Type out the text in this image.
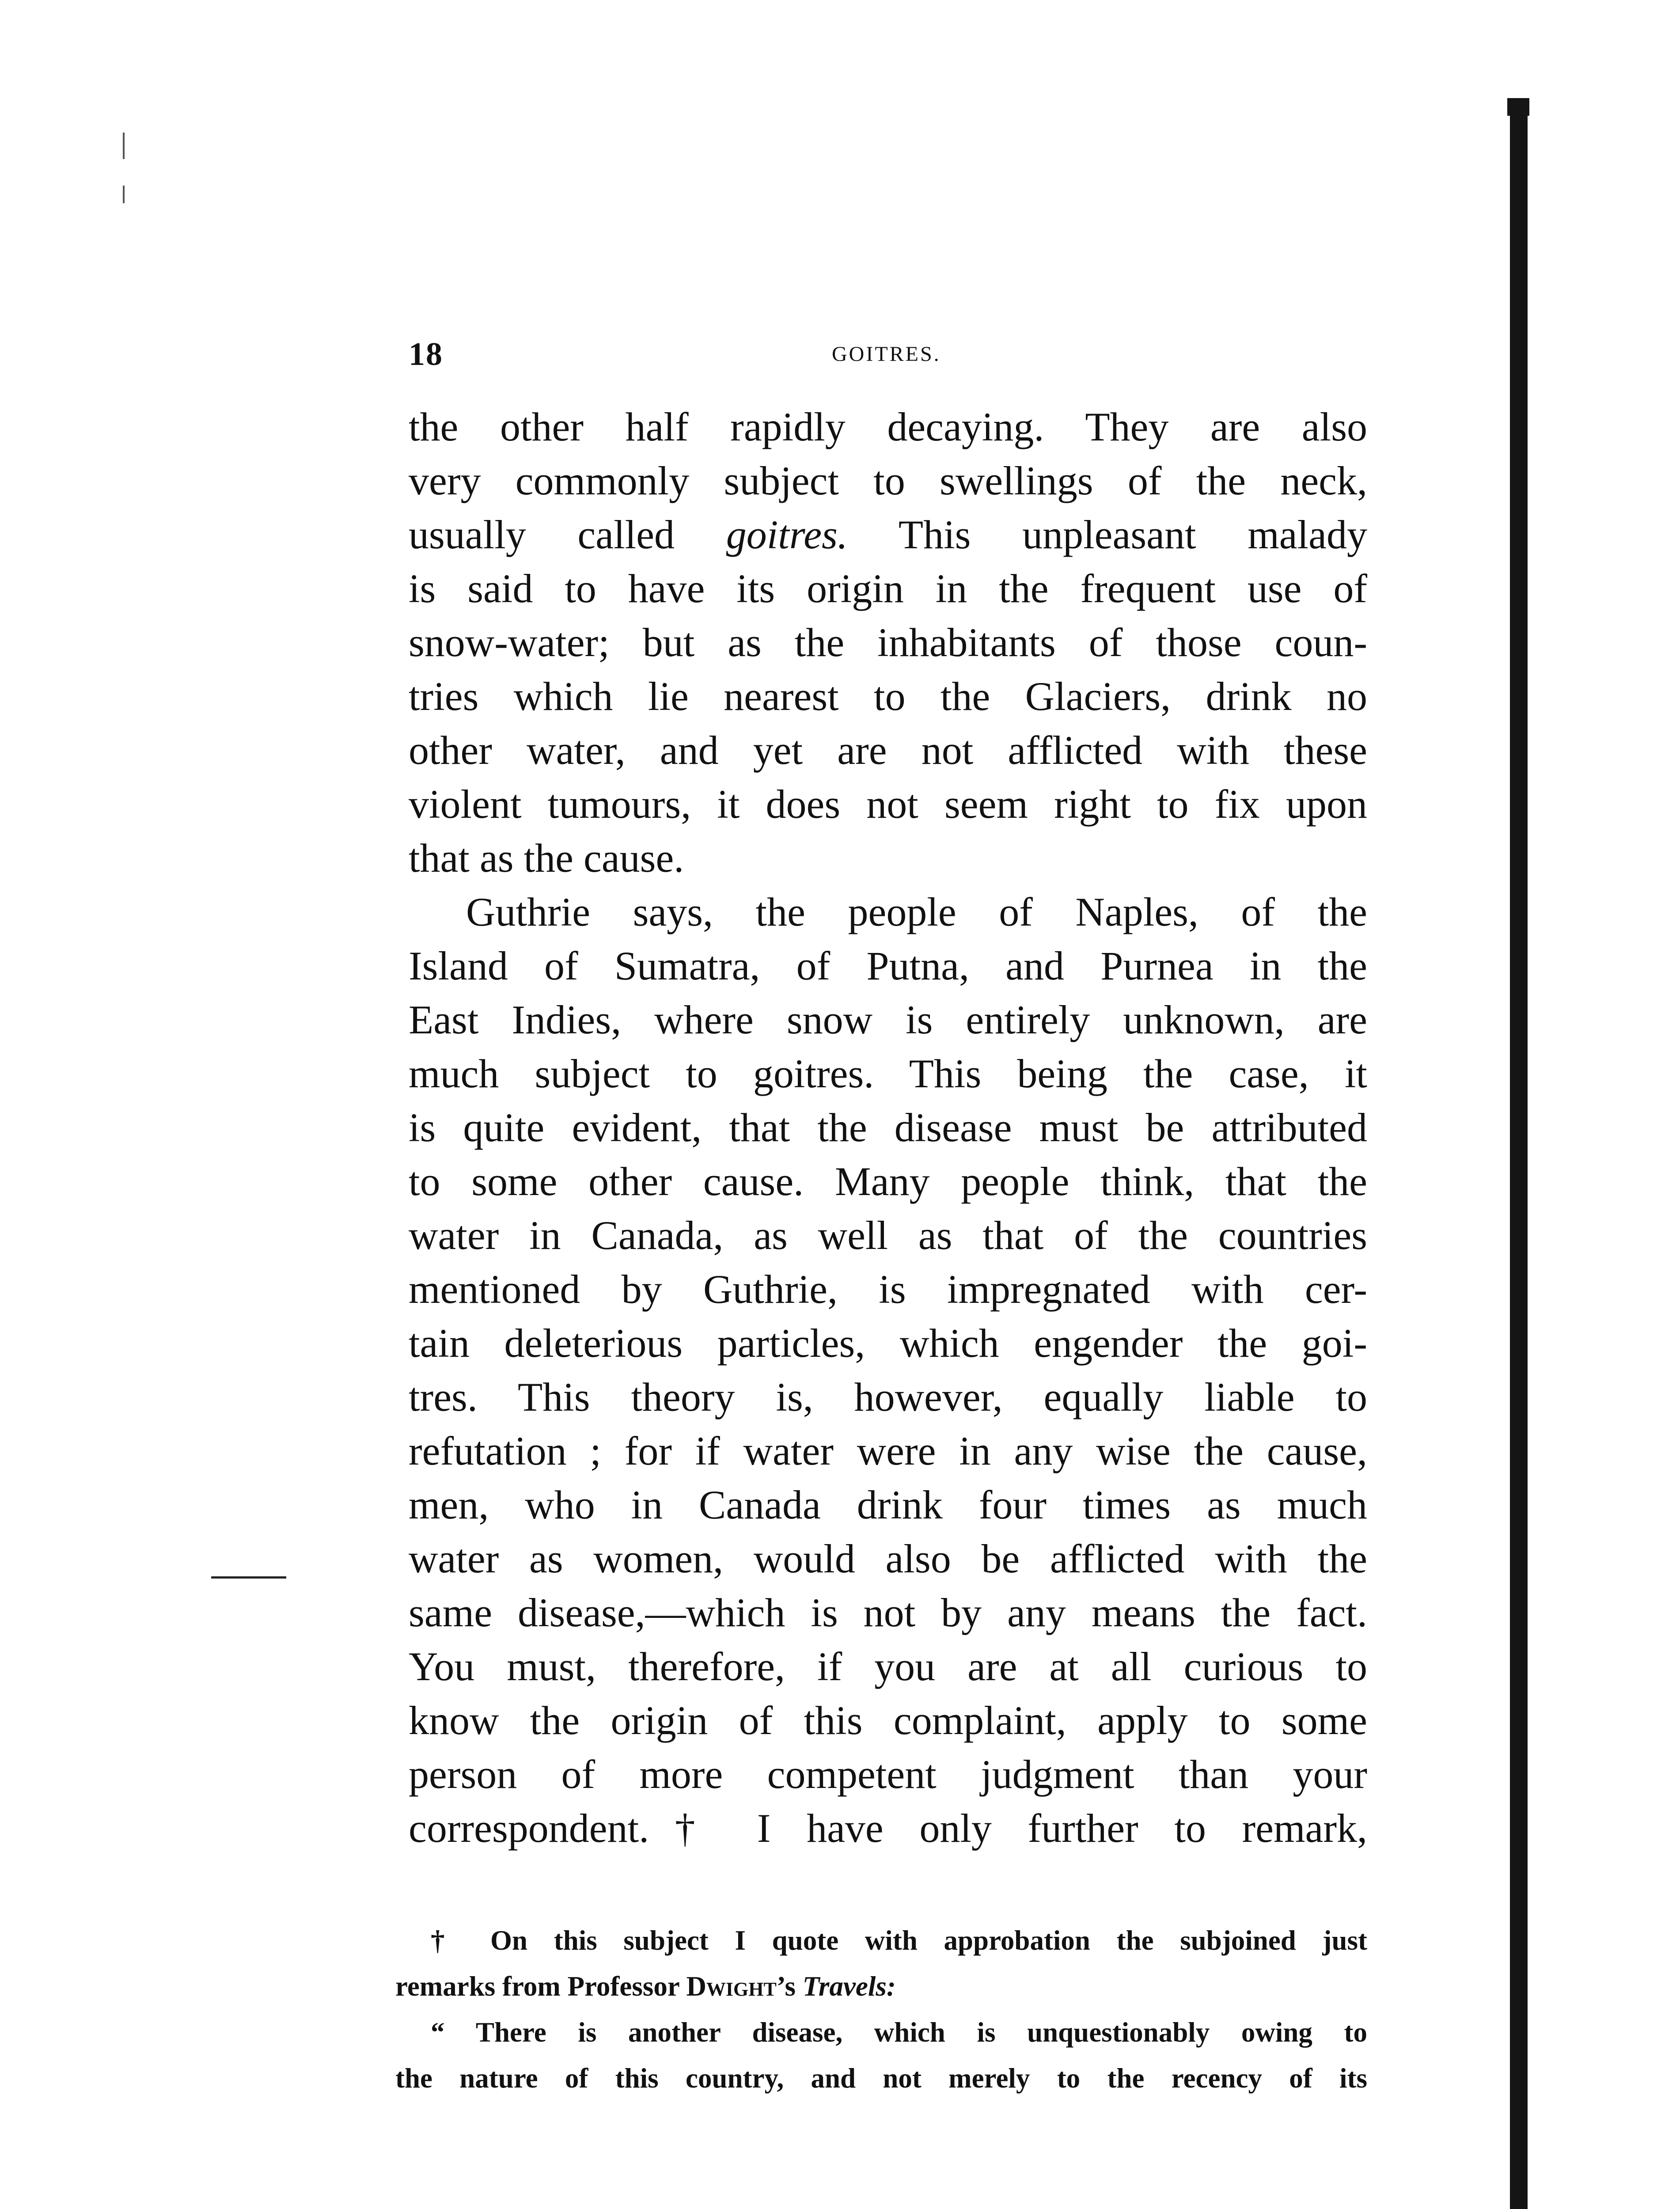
18	GOITRES.
the other half rapidly decaying. They are also
very commonly subject to swellings of the neck,
usually called goitres. This unpleasant malady
is said to have its origin in the frequent use of
snow-water; but as the inhabitants of those coun-
tries which lie nearest to the Glaciers, drink no
other water, and yet are not afflicted with these
violent tumours, it does not seem right to fix upon
that as the cause.
Guthrie says, the people of Naples, of the
Island of Sumatra, of Putna, and Purnea in the
East Indies, where snow is entirely unknown, are
much subject to goitres. This being the case, it
is quite evident, that the disease must be attributed
to some other cause. Many people think, that the
water in Canada, as well as that of the countries
mentioned by Guthrie, is impregnated with cer-
tain deleterious particles, which engender the goi-
tres. This theory is, however, equally liable to
refutation ; for if water were in any wise the cause,
men, who in Canada drink four times as much
water as women, would also be afflicted with the
same disease,—which is not by any means the fact.
You must, therefore, if you are at all curious to
know the origin of this complaint, apply to some
person of more competent judgment than your
correspondent.† I have only further to remark,
† On this subject I quote with approbation the subjoined just
remarks from Professor Dwight’s Travels:
“ There is another disease, which is unquestionably owing to
the nature of this country, and not merely to the recency of its
